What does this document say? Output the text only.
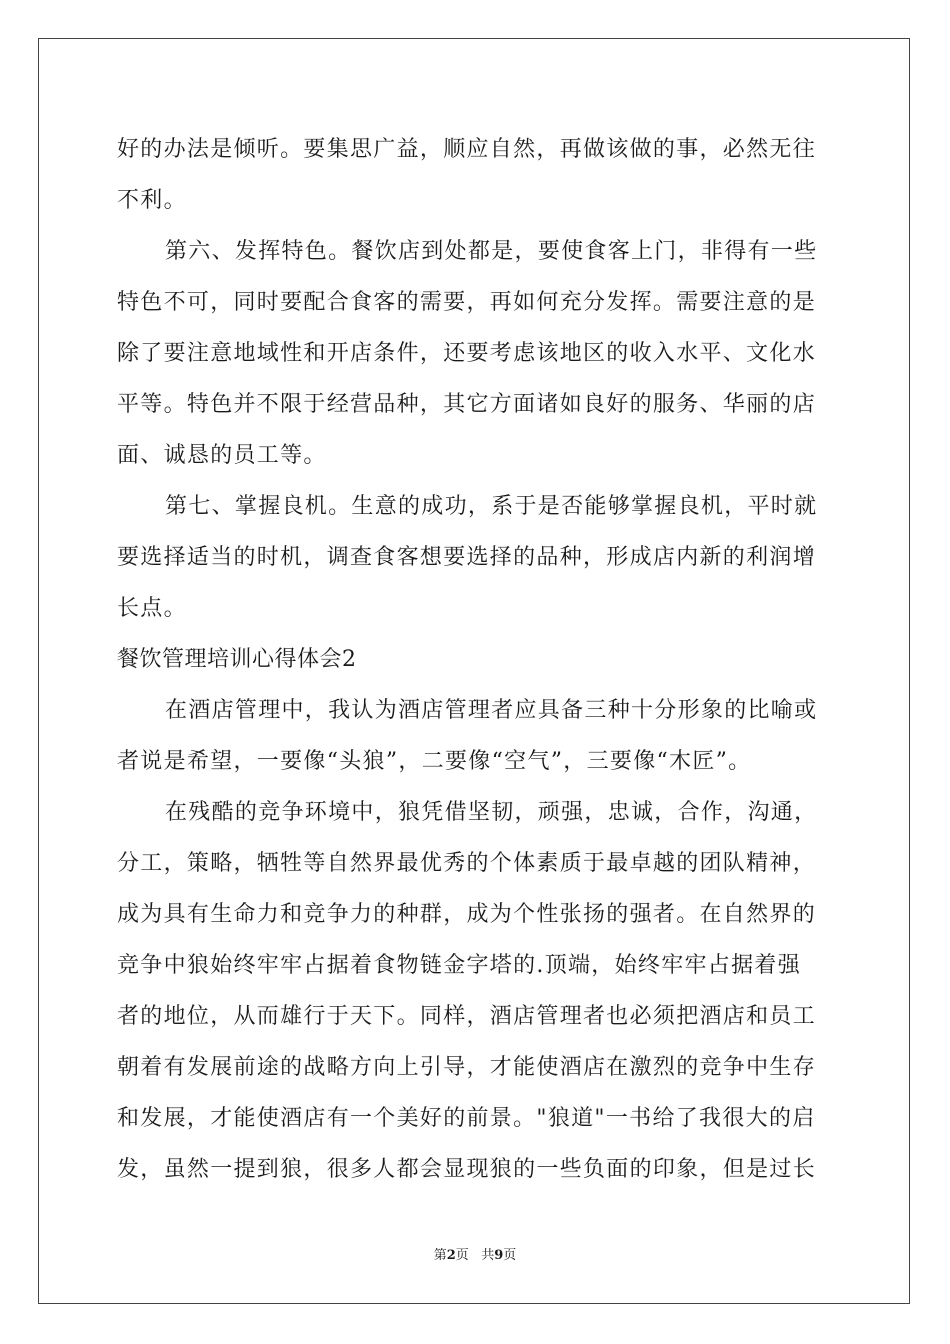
好的办法是倾听。要集思广益，顺应自然，再做该做的事，必然无往
不利。
第六、发挥特色。餐饮店到处都是，要使食客上门，非得有一些
特色不可，同时要配合食客的需要，再如何充分发挥。需要注意的是
除了要注意地域性和开店条件，还要考虑该地区的收入水平、文化水
平等。特色并不限于经营品种，其它方面诸如良好的服务、华丽的店
面、诚恳的员工等。
第七、掌握良机。生意的成功，系于是否能够掌握良机，平时就
要选择适当的时机，调查食客想要选择的品种，形成店内新的利润增
长点。
餐饮管理培训心得体会2
在酒店管理中，我认为酒店管理者应具备三种十分形象的比喻或
者说是希望，一要像“头狼”，二要像“空气”，三要像“木匠”。
在残酷的竞争环境中，狼凭借坚韧，顽强，忠诚，合作，沟通，
分工，策略，牺牲等自然界最优秀的个体素质于最卓越的团队精神，
成为具有生命力和竞争力的种群，成为个性张扬的强者。在自然界的
竞争中狼始终牢牢占据着食物链金字塔的.顶端，始终牢牢占据着强
者的地位，从而雄行于天下。同样，酒店管理者也必须把酒店和员工
朝着有发展前途的战略方向上引导，才能使酒店在激烈的竞争中生存
和发展，才能使酒店有一个美好的前景。"狼道"一书给了我很大的启
发，虽然一提到狼，很多人都会显现狼的一些负面的印象，但是过长
第2页 共9页
